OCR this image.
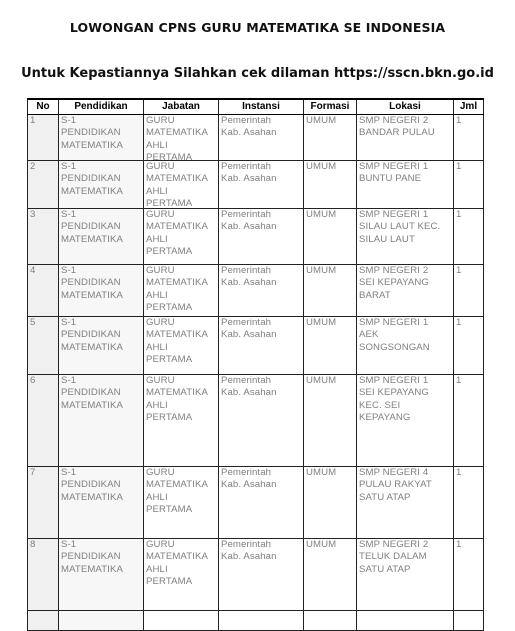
LOWONGAN CPNS GURU MATEMATIKA SE INDONESIA
Untuk Kepastiannya Silahkan cek dilaman https://sscn.bkn.go.id
No	Pendidikan	Jabatan	Instansi	Formasi	Lokasi	Jml

1	S-1
PENDIDIKAN
MATEMATIKA	GURU
MATEMATIKA
AHLI
PERTAMA	Pemerintah
Kab. Asahan	UMUM	SMP NEGERI 2
BANDAR PULAU	1

2	S-1
PENDIDIKAN
MATEMATIKA	GURU
MATEMATIKA
AHLI
PERTAMA	Pemerintah
Kab. Asahan	UMUM	SMP NEGERI 1
BUNTU PANE	1

3	S-1
PENDIDIKAN
MATEMATIKA	GURU
MATEMATIKA
AHLI
PERTAMA	Pemerintah
Kab. Asahan	UMUM	SMP NEGERI 1
SILAU LAUT KEC.
SILAU LAUT	1

4	S-1
PENDIDIKAN
MATEMATIKA	GURU
MATEMATIKA
AHLI
PERTAMA	Pemerintah
Kab. Asahan	UMUM	SMP NEGERI 2
SEI KEPAYANG
BARAT	1

5	S-1
PENDIDIKAN
MATEMATIKA	GURU
MATEMATIKA
AHLI
PERTAMA	Pemerintah
Kab. Asahan	UMUM	SMP NEGERI 1
AEK
SONGSONGAN	1

6	S-1
PENDIDIKAN
MATEMATIKA	GURU
MATEMATIKA
AHLI
PERTAMA	Pemerintah
Kab. Asahan	UMUM	SMP NEGERI 1
SEI KEPAYANG
KEC. SEI
KEPAYANG	1

7	S-1
PENDIDIKAN
MATEMATIKA	GURU
MATEMATIKA
AHLI
PERTAMA	Pemerintah
Kab. Asahan	UMUM	SMP NEGERI 4
PULAU RAKYAT
SATU ATAP	1

8	S-1
PENDIDIKAN
MATEMATIKA	GURU
MATEMATIKA
AHLI
PERTAMA	Pemerintah
Kab. Asahan	UMUM	SMP NEGERI 2
TELUK DALAM
SATU ATAP	1
